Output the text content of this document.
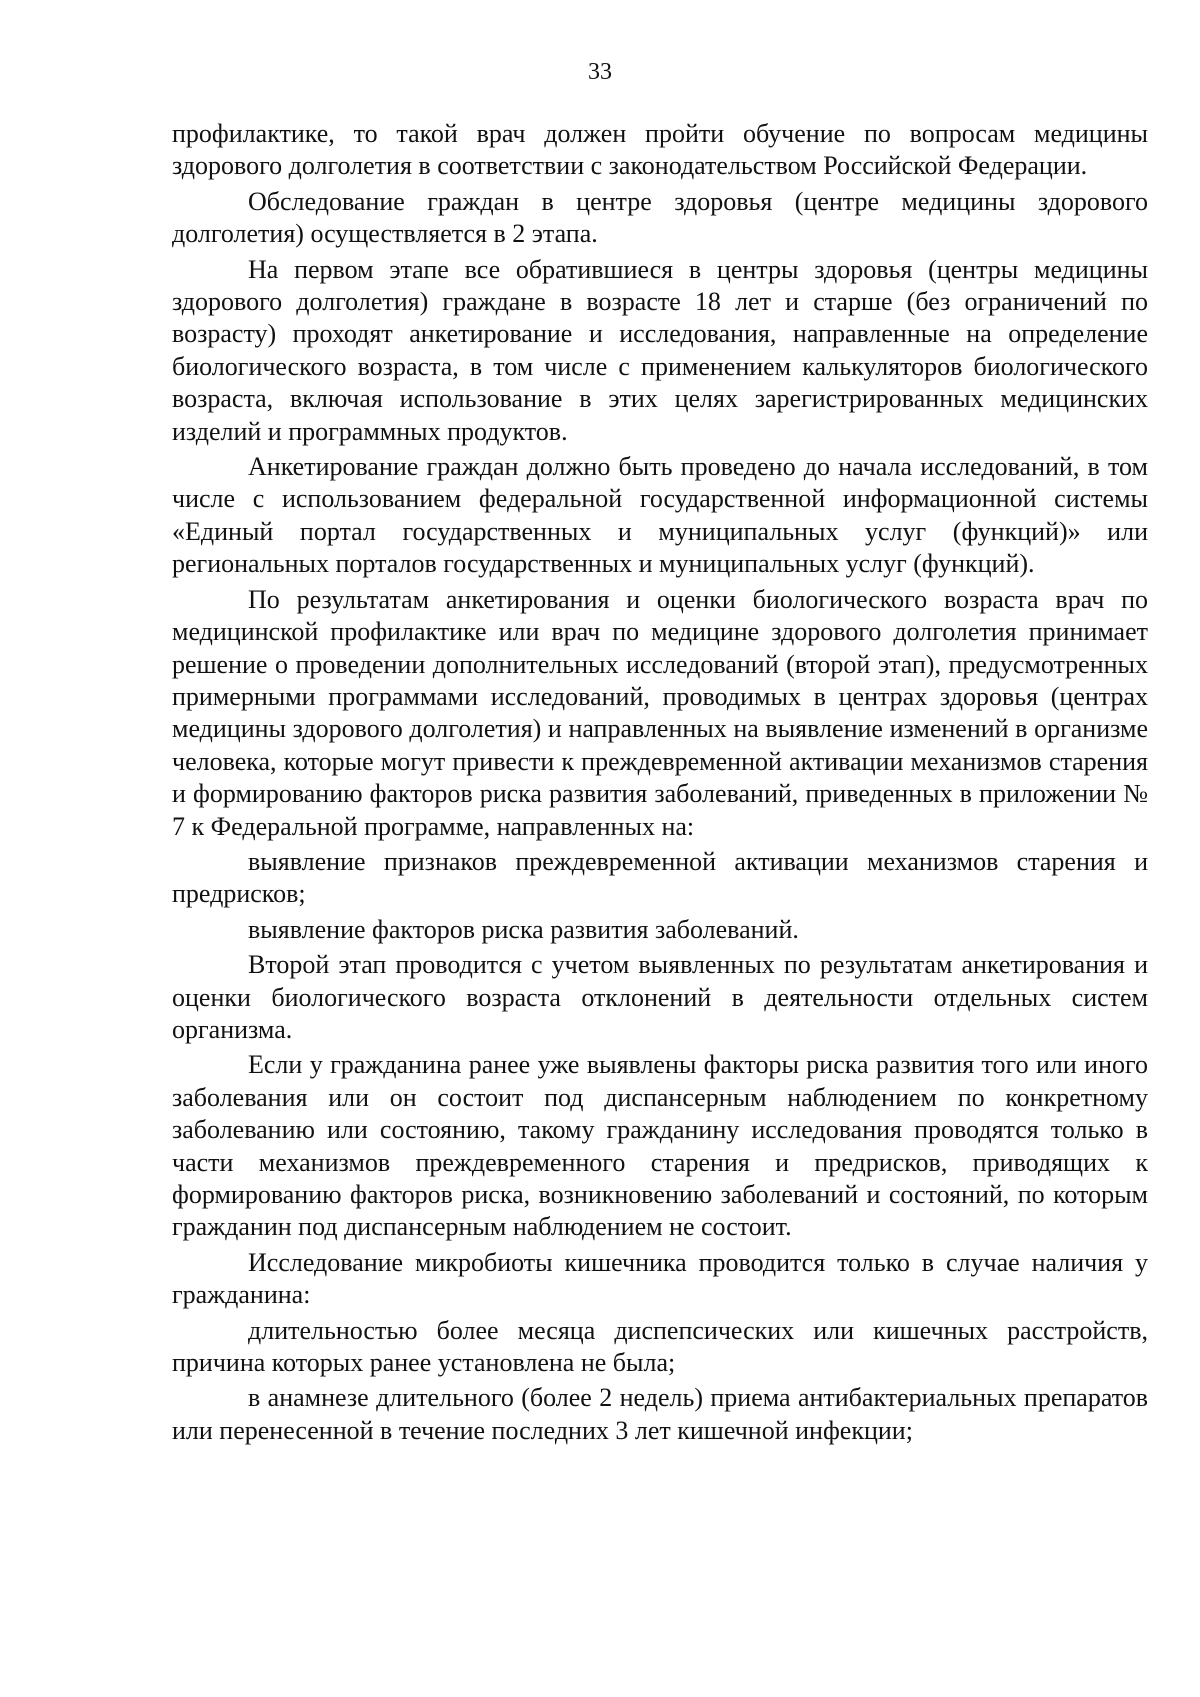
33

профилактике, то такой врач должен пройти обучение по вопросам медицины здорового долголетия в соответствии с законодательством Российской Федерации.

Обследование граждан в центре здоровья (центре медицины здорового долголетия) осуществляется в 2 этапа.

На первом этапе все обратившиеся в центры здоровья (центры медицины здорового долголетия) граждане в возрасте 18 лет и старше (без ограничений по возрасту) проходят анкетирование и исследования, направленные на определение биологического возраста, в том числе с применением калькуляторов биологического возраста, включая использование в этих целях зарегистрированных медицинских изделий и программных продуктов.

Анкетирование граждан должно быть проведено до начала исследований, в том числе с использованием федеральной государственной информационной системы «Единый портал государственных и муниципальных услуг (функций)» или региональных порталов государственных и муниципальных услуг (функций).

По результатам анкетирования и оценки биологического возраста врач по медицинской профилактике или врач по медицине здорового долголетия принимает решение о проведении дополнительных исследований (второй этап), предусмотренных примерными программами исследований, проводимых в центрах здоровья (центрах медицины здорового долголетия) и направленных на выявление изменений в организме человека, которые могут привести к преждевременной активации механизмов старения и формированию факторов риска развития заболеваний, приведенных в приложении № 7 к Федеральной программе, направленных на:

выявление признаков преждевременной активации механизмов старения и предрисков;

выявление факторов риска развития заболеваний.

Второй этап проводится с учетом выявленных по результатам анкетирования и оценки биологического возраста отклонений в деятельности отдельных систем организма.

Если у гражданина ранее уже выявлены факторы риска развития того или иного заболевания или он состоит под диспансерным наблюдением по конкретному заболеванию или состоянию, такому гражданину исследования проводятся только в части механизмов преждевременного старения и предрисков, приводящих к формированию факторов риска, возникновению заболеваний и состояний, по которым гражданин под диспансерным наблюдением не состоит.

Исследование микробиоты кишечника проводится только в случае наличия у гражданина:

длительностью более месяца диспепсических или кишечных расстройств, причина которых ранее установлена не была;

в анамнезе длительного (более 2 недель) приема антибактериальных препаратов или перенесенной в течение последних 3 лет кишечной инфекции;
